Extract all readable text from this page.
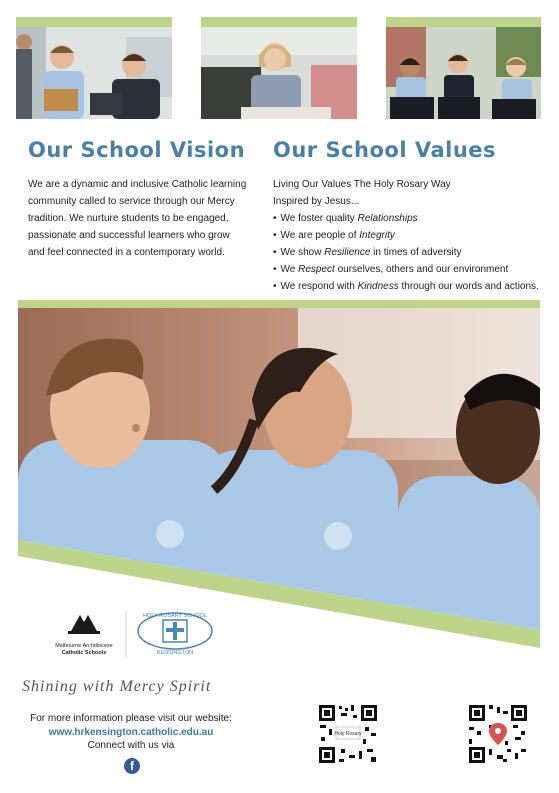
Our School Vision
We are a dynamic and inclusive Catholic learning
community called to service through our Mercy
tradition. We nurture students to be engaged,
passionate and successful learners who grow
and feel connected in a contemporary world.
Our School Values
Living Our Values The Holy Rosary Way
Inspired by Jesus...
• We foster quality Relationships
• We are people of Integrity
• We show Resilience in times of adversity
• We Respect ourselves, others and our environment
• We respond with Kindness through our words and actions.
Melbourne Archdiocese
Catholic Schools
HOLY ROSARY SCHOOL
KENSINGTON
Shining with Mercy Spirit
For more information please visit our website:
www.hrkensington.catholic.edu.au
Connect with us via
f
Holy Rosary
